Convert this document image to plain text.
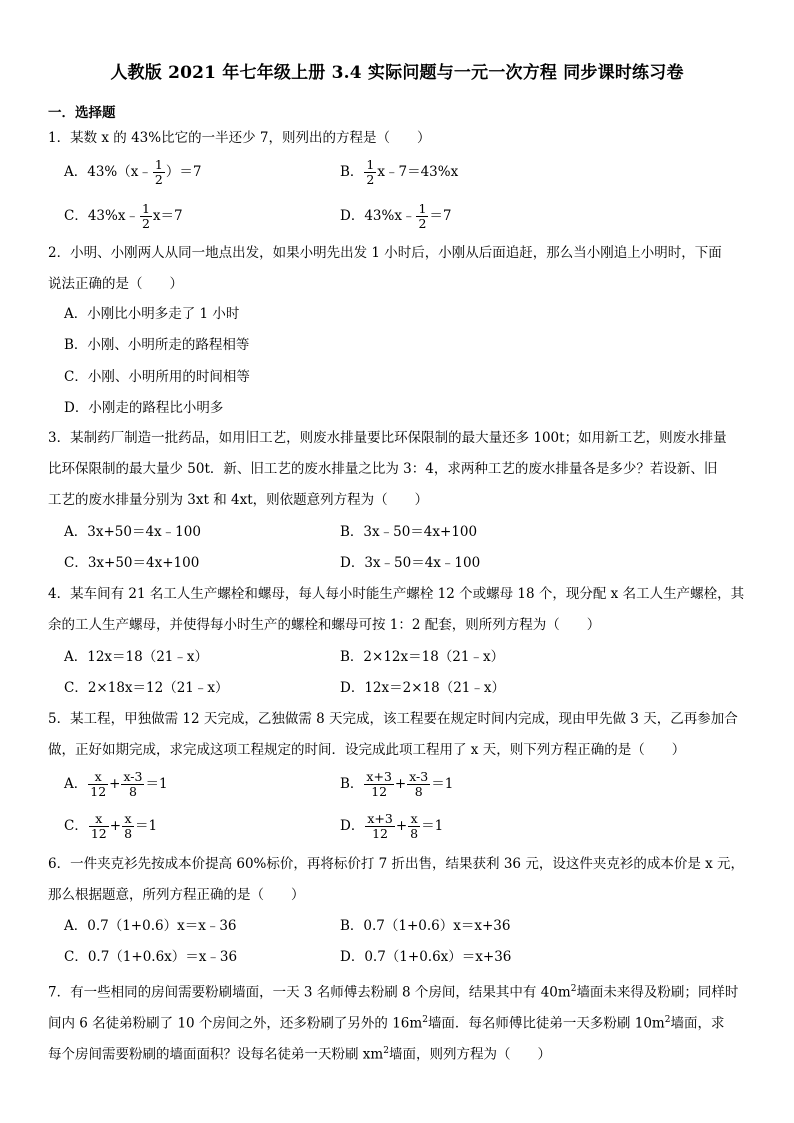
人教版 2021 年七年级上册 3.4 实际问题与一元一次方程 同步课时练习卷
一．选择题
1．某数 x 的 43%比它的一半还少 7，则列出的方程是（　　）
A．43%（x﹣ $\frac{1}{2} )=7$	B． $\frac{1}{2}$ x﹣7＝43%x
C．43%x﹣ $\frac{1}{2} x=7$	D．43%x﹣ $\frac{1}{2} =7$
2．小明、小刚两人从同一地点出发，如果小明先出发 1 小时后，小刚从后面追赶，那么当小刚追上小明时，下面
说法正确的是（　　）
A．小刚比小明多走了 1 小时
B．小刚、小明所走的路程相等
C．小刚、小明所用的时间相等
D．小刚走的路程比小明多
3．某制药厂制造一批药品，如用旧工艺，则废水排量要比环保限制的最大量还多 100t；如用新工艺，则废水排量
比环保限制的最大量少 50t．新、旧工艺的废水排量之比为 3：4，求两种工艺的废水排量各是多少？若设新、旧
工艺的废水排量分别为 3xt 和 4xt，则依题意列方程为（　　）
A．3x+50＝4x﹣100	B．3x﹣50＝4x+100
C．3x+50＝4x+100	D．3x﹣50＝4x﹣100
4．某车间有 21 名工人生产螺栓和螺母，每人每小时能生产螺栓 12 个或螺母 18 个，现分配 x 名工人生产螺栓，其
余的工人生产螺母，并使得每小时生产的螺栓和螺母可按 1：2 配套，则所列方程为（　　）
A．12x＝18（21﹣x）	B．2×12x＝18（21﹣x）
C．2×18x＝12（21﹣x）	D．12x＝2×18（21﹣x）
5．某工程，甲独做需 12 天完成，乙独做需 8 天完成，该工程要在规定时间内完成，现由甲先做 3 天，乙再参加合
做，正好如期完成，求完成这项工程规定的时间．设完成此项工程用了 x 天，则下列方程正确的是（　　）
A． $\frac{x}{12} + \frac{x-3}{8} =1$	B． $\frac{x+3}{12} + \frac{x-3}{8} =1$
C． $\frac{x}{12} + \frac{x}{8} =1$	D． $\frac{x+3}{12} + \frac{x}{8} =1$
6．一件夹克衫先按成本价提高 60%标价，再将标价打 7 折出售，结果获利 36 元，设这件夹克衫的成本价是 x 元，
那么根据题意，所列方程正确的是（　　）
A．0.7（1+0.6）x＝x﹣36	B．0.7（1+0.6）x＝x+36
C．0.7（1+0.6x）＝x﹣36	D．0.7（1+0.6x）＝x+36
7．有一些相同的房间需要粉刷墙面，一天 3 名师傅去粉刷 8 个房间，结果其中有 $40m^2$墙面未来得及粉刷；同样时
间内 6 名徒弟粉刷了 10 个房间之外，还多粉刷了另外的 $16m^2$墙面．每名师傅比徒弟一天多粉刷 $10m^2$墙面，求
每个房间需要粉刷的墙面面积？设每名徒弟一天粉刷 $xm^2$墙面，则列方程为（　　）
